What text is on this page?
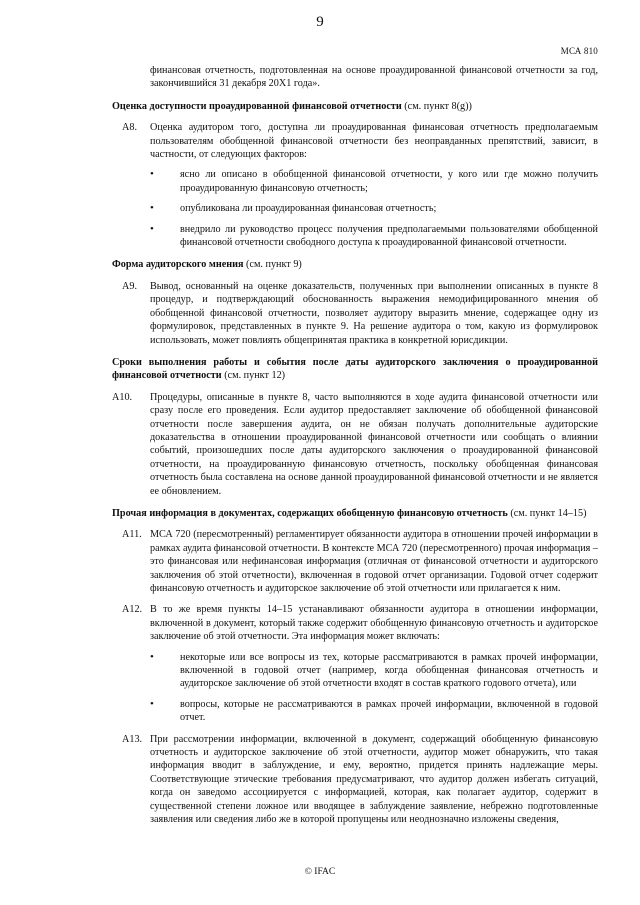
9
МСА 810

финансовая отчетность, подготовленная на основе проаудированной финансовой отчетности за год, закончившийся 31 декабря 20Х1 года».

Оценка доступности проаудированной финансовой отчетности (см. пункт 8(g))

A8.	Оценка аудитором того, доступна ли проаудированная финансовая отчетность предполагаемым пользователям обобщенной финансовой отчетности без неоправданных препятствий, зависит, в частности, от следующих факторов:

•
ясно ли описано в обобщенной финансовой отчетности, у кого или где можно получить проаудированную финансовую отчетность;
•
опубликована ли проаудированная финансовая отчетность;
•
внедрило ли руководство процесс получения предполагаемыми пользователями обобщенной финансовой отчетности свободного доступа к проаудированной финансовой отчетности.

Форма аудиторского мнения (см. пункт 9)

A9.	Вывод, основанный на оценке доказательств, полученных при выполнении описанных в пункте 8 процедур, и подтверждающий обоснованность выражения немодифицированного мнения об обобщенной финансовой отчетности, позволяет аудитору выразить мнение, содержащее одну из формулировок, представленных в пункте 9. На решение аудитора о том, какую из формулировок использовать, может повлиять общепринятая практика в конкретной юрисдикции.

Сроки выполнения работы и события после даты аудиторского заключения о проаудированной финансовой отчетности (см. пункт 12)

A10.	Процедуры, описанные в пункте 8, часто выполняются в ходе аудита финансовой отчетности или сразу после его проведения. Если аудитор предоставляет заключение об обобщенной финансовой отчетности после завершения аудита, он не обязан получать дополнительные аудиторские доказательства в отношении проаудированной финансовой отчетности или сообщать о влиянии событий, произошедших после даты аудиторского заключения о проаудированной финансовой отчетности, на проаудированную финансовую отчетность, поскольку обобщенная финансовая отчетность была составлена на основе данной проаудированной финансовой отчетности и не является ее обновлением.

Прочая информация в документах, содержащих обобщенную финансовую отчетность (см. пункт 14–15)

A11. МСА 720 (пересмотренный) регламентирует обязанности аудитора в отношении прочей информации в рамках аудита финансовой отчетности. В контексте МСА 720 (пересмотренного) прочая информация – это финансовая или нефинансовая информация (отличная от финансовой отчетности и аудиторского заключения об этой отчетности), включенная в годовой отчет организации. Годовой отчет содержит финансовую отчетность и аудиторское заключение об этой отчетности или прилагается к ним.

A12. В то же время пункты 14–15 устанавливают обязанности аудитора в отношении информации, включенной в документ, который также содержит обобщенную финансовую отчетность и аудиторское заключение об этой отчетности. Эта информация может включать:

•
некоторые или все вопросы из тех, которые рассматриваются в рамках прочей информации, включенной в годовой отчет (например, когда обобщенная финансовая отчетность и аудиторское заключение об этой отчетности входят в состав краткого годового отчета), или
•
вопросы, которые не рассматриваются в рамках прочей информации, включенной в годовой отчет.
A13. При рассмотрении информации, включенной в документ, содержащий обобщенную финансовую отчетность и аудиторское заключение об этой отчетности, аудитор может обнаружить, что такая информация вводит в заблуждение, и ему, вероятно, придется принять надлежащие меры. Соответствующие этические требования предусматривают, что аудитор должен избегать ситуаций, когда он заведомо ассоциируется с информацией, которая, как полагает аудитор, содержит в существенной степени ложное или вводящее в заблуждение заявление, небрежно подготовленные заявления или сведения либо же в которой пропущены или неоднозначно изложены сведения,

© IFAC
